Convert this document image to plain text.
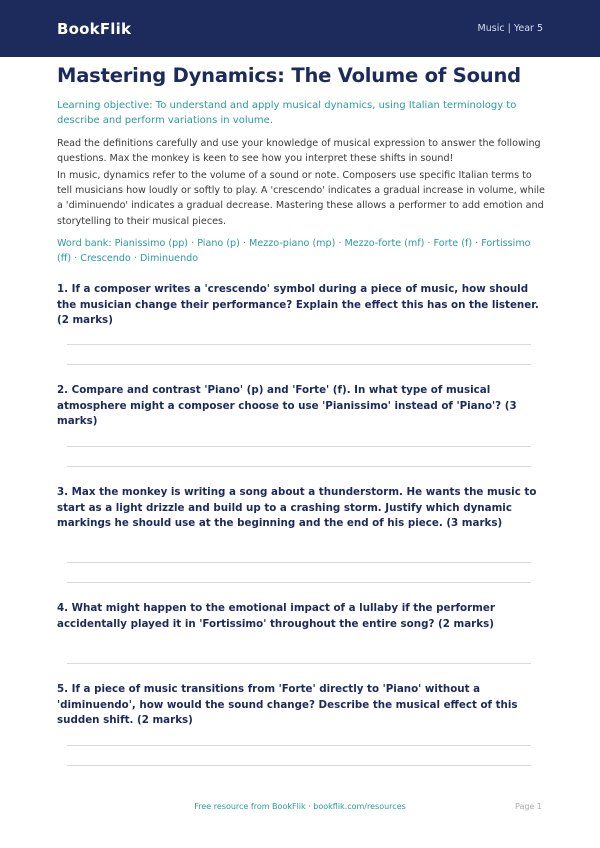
BookFlik	Music | Year 5
Mastering Dynamics: The Volume of Sound

Learning objective: To understand and apply musical dynamics, using Italian terminology to describe and perform variations in volume.

Read the definitions carefully and use your knowledge of musical expression to answer the following questions. Max the monkey is keen to see how you interpret these shifts in sound!

In music, dynamics refer to the volume of a sound or note. Composers use specific Italian terms to tell musicians how loudly or softly to play. A 'crescendo' indicates a gradual increase in volume, while a 'diminuendo' indicates a gradual decrease. Mastering these allows a performer to add emotion and storytelling to their musical pieces.

Word bank: Pianissimo (pp) · Piano (p) · Mezzo-piano (mp) · Mezzo-forte (mf) · Forte (f) · Fortissimo (ff) · Crescendo · Diminuendo

1. If a composer writes a 'crescendo' symbol during a piece of music, how should the musician change their performance? Explain the effect this has on the listener. (2 marks)

2. Compare and contrast 'Piano' (p) and 'Forte' (f). In what type of musical atmosphere might a composer choose to use 'Pianissimo' instead of 'Piano'? (3 marks)

3. Max the monkey is writing a song about a thunderstorm. He wants the music to start as a light drizzle and build up to a crashing storm. Justify which dynamic markings he should use at the beginning and the end of his piece. (3 marks)

4. What might happen to the emotional impact of a lullaby if the performer accidentally played it in 'Fortissimo' throughout the entire song? (2 marks)

5. If a piece of music transitions from 'Forte' directly to 'Piano' without a 'diminuendo', how would the sound change? Describe the musical effect of this sudden shift. (2 marks)

Free resource from BookFlik · bookflik.com/resources	Page 1
